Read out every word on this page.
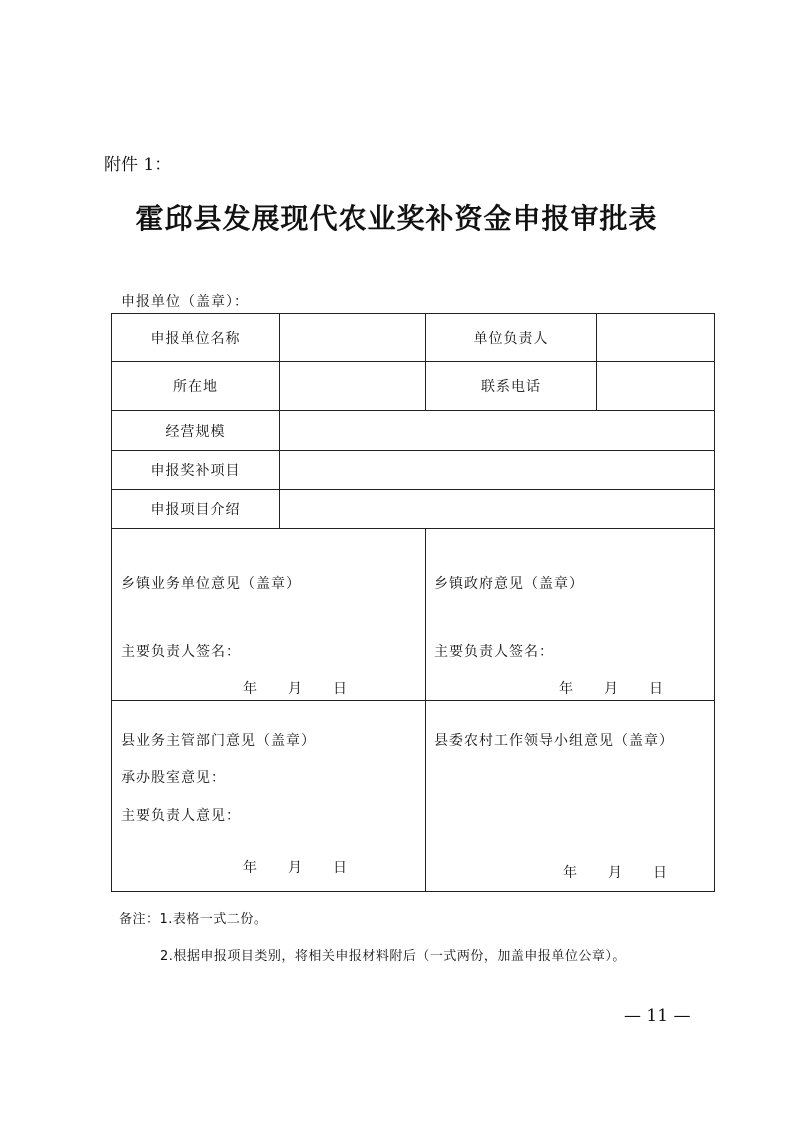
附件 1：
霍邱县发展现代农业奖补资金申报审批表
申报单位（盖章）：
申报单位名称	单位负责人
所在地	联系电话
经营规模
申报奖补项目
申报项目介绍
乡镇业务单位意见（盖章）
主要负责人签名：
年　　月　　日
乡镇政府意见（盖章）
主要负责人签名：
年　　月　　日
县业务主管部门意见（盖章）
承办股室意见：
主要负责人意见：
年　　月　　日
县委农村工作领导小组意见（盖章）
年　　月　　日
备注：1.表格一式二份。
2.根据申报项目类别，将相关申报材料附后（一式两份，加盖申报单位公章）。
— 11 —
